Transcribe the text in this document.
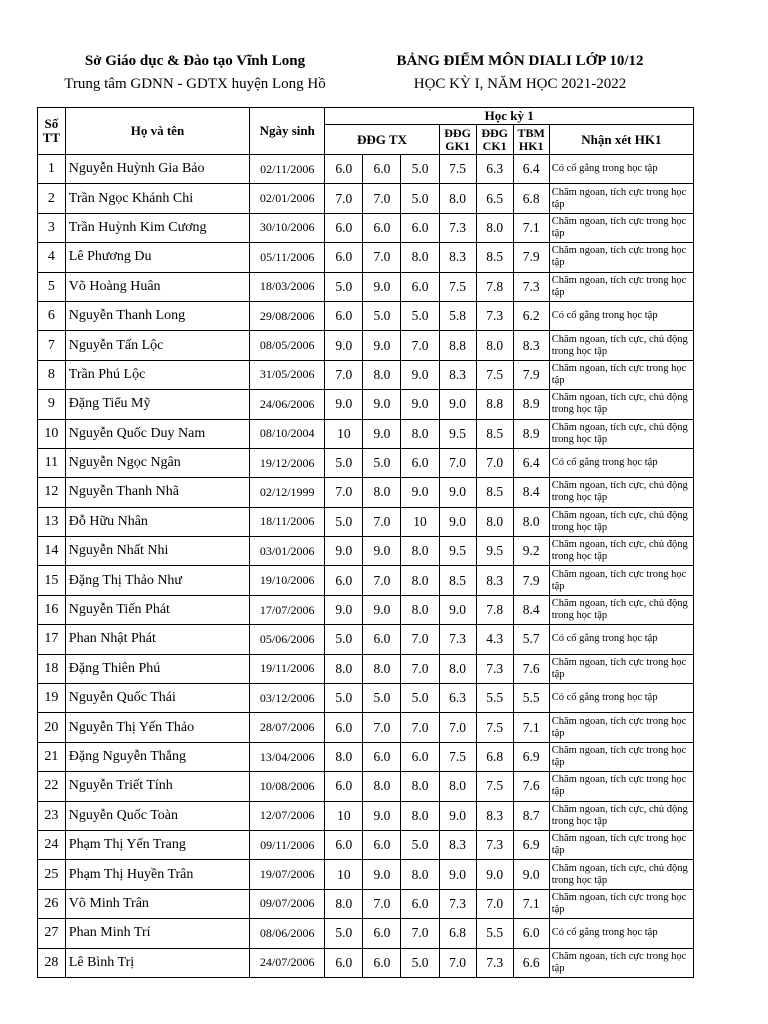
Sở Giáo dục & Đào tạo Vĩnh Long
Trung tâm GDNN - GDTX huyện Long Hồ
BẢNG ĐIỂM MÔN DIALI LỚP 10/12
HỌC KỲ I, NĂM HỌC 2021-2022
Số TT	Họ và tên	Ngày sinh	Học kỳ 1						
			ĐĐG TX			ĐĐG GK1	ĐĐG CK1	TBM HK1	Nhận xét HK1
1	Nguyễn Huỳnh Gia Bảo	02/11/2006	6.0	6.0	5.0	7.5	6.3	6.4	Có cố gắng trong học tập
2	Trần Ngọc Khánh Chi	02/01/2006	7.0	7.0	5.0	8.0	6.5	6.8	Chăm ngoan, tích cực trong học tập
3	Trần Huỳnh Kim Cương	30/10/2006	6.0	6.0	6.0	7.3	8.0	7.1	Chăm ngoan, tích cực trong học tập
4	Lê Phương Du	05/11/2006	6.0	7.0	8.0	8.3	8.5	7.9	Chăm ngoan, tích cực trong học tập
5	Võ Hoàng Huân	18/03/2006	5.0	9.0	6.0	7.5	7.8	7.3	Chăm ngoan, tích cực trong học tập
6	Nguyễn Thanh Long	29/08/2006	6.0	5.0	5.0	5.8	7.3	6.2	Có cố gắng trong học tập
7	Nguyễn Tấn Lộc	08/05/2006	9.0	9.0	7.0	8.8	8.0	8.3	Chăm ngoan, tích cực, chủ động trong học tập
8	Trần Phú Lộc	31/05/2006	7.0	8.0	9.0	8.3	7.5	7.9	Chăm ngoan, tích cực trong học tập
9	Đặng Tiểu Mỹ	24/06/2006	9.0	9.0	9.0	9.0	8.8	8.9	Chăm ngoan, tích cực, chủ động trong học tập
10	Nguyễn Quốc Duy Nam	08/10/2004	10	9.0	8.0	9.5	8.5	8.9	Chăm ngoan, tích cực, chủ động trong học tập
11	Nguyễn Ngọc Ngân	19/12/2006	5.0	5.0	6.0	7.0	7.0	6.4	Có cố gắng trong học tập
12	Nguyễn Thanh Nhã	02/12/1999	7.0	8.0	9.0	9.0	8.5	8.4	Chăm ngoan, tích cực, chủ động trong học tập
13	Đỗ Hữu Nhân	18/11/2006	5.0	7.0	10	9.0	8.0	8.0	Chăm ngoan, tích cực, chủ động trong học tập
14	Nguyễn Nhất Nhi	03/01/2006	9.0	9.0	8.0	9.5	9.5	9.2	Chăm ngoan, tích cực, chủ động trong học tập
15	Đặng Thị Thảo Như	19/10/2006	6.0	7.0	8.0	8.5	8.3	7.9	Chăm ngoan, tích cực trong học tập
16	Nguyễn Tiến Phát	17/07/2006	9.0	9.0	8.0	9.0	7.8	8.4	Chăm ngoan, tích cực, chủ động trong học tập
17	Phan Nhật Phát	05/06/2006	5.0	6.0	7.0	7.3	4.3	5.7	Có cố gắng trong học tập
18	Đặng Thiên Phú	19/11/2006	8.0	8.0	7.0	8.0	7.3	7.6	Chăm ngoan, tích cực trong học tập
19	Nguyễn Quốc Thái	03/12/2006	5.0	5.0	5.0	6.3	5.5	5.5	Có cố gắng trong học tập
20	Nguyễn Thị Yến Thảo	28/07/2006	6.0	7.0	7.0	7.0	7.5	7.1	Chăm ngoan, tích cực trong học tập
21	Đặng Nguyễn Thắng	13/04/2006	8.0	6.0	6.0	7.5	6.8	6.9	Chăm ngoan, tích cực trong học tập
22	Nguyễn Triết Tính	10/08/2006	6.0	8.0	8.0	8.0	7.5	7.6	Chăm ngoan, tích cực trong học tập
23	Nguyễn Quốc Toàn	12/07/2006	10	9.0	8.0	9.0	8.3	8.7	Chăm ngoan, tích cực, chủ động trong học tập
24	Phạm Thị Yến Trang	09/11/2006	6.0	6.0	5.0	8.3	7.3	6.9	Chăm ngoan, tích cực trong học tập
25	Phạm Thị Huyền Trân	19/07/2006	10	9.0	8.0	9.0	9.0	9.0	Chăm ngoan, tích cực, chủ động trong học tập
26	Võ Minh Trân	09/07/2006	8.0	7.0	6.0	7.3	7.0	7.1	Chăm ngoan, tích cực trong học tập
27	Phan Minh Trí	08/06/2006	5.0	6.0	7.0	6.8	5.5	6.0	Có cố gắng trong học tập
28	Lê Bình Trị	24/07/2006	6.0	6.0	5.0	7.0	7.3	6.6	Chăm ngoan, tích cực trong học tập
